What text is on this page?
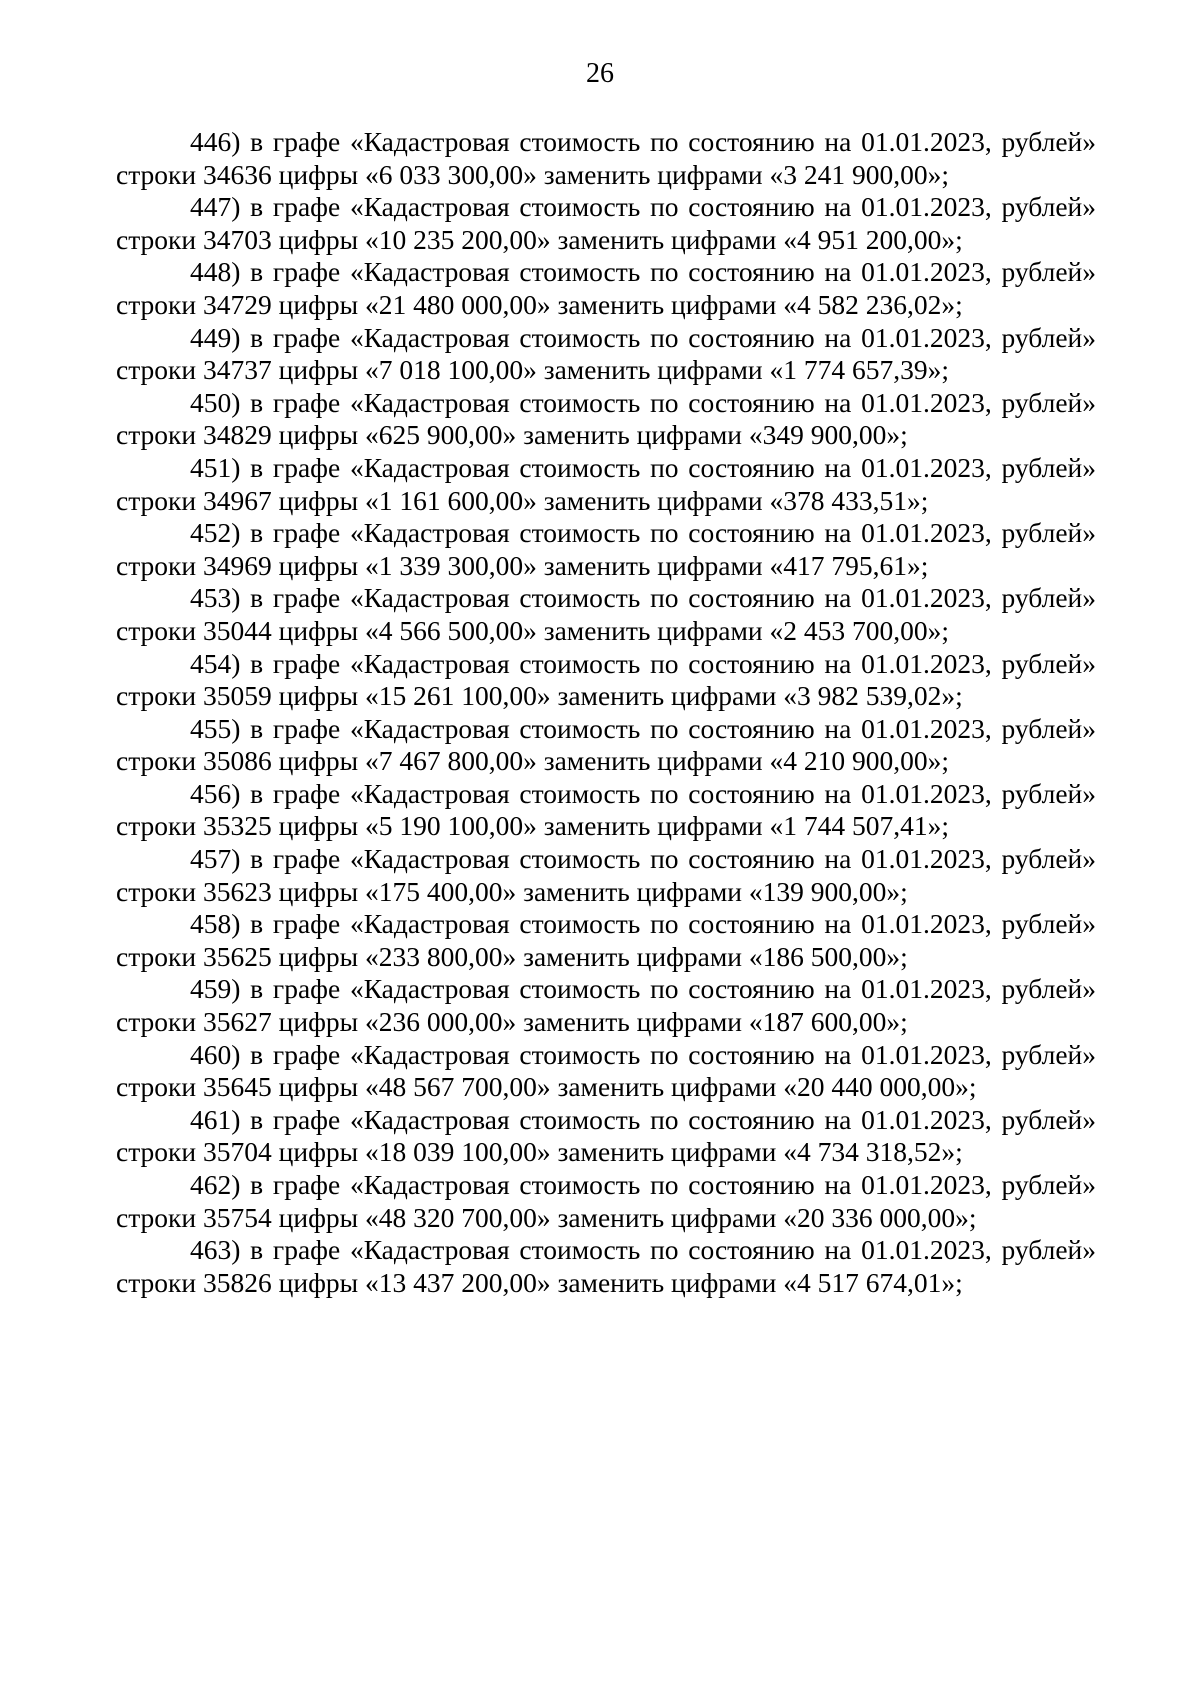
26

446) в графе «Кадастровая стоимость по состоянию на 01.01.2023, рублей» строки 34636 цифры «6 033 300,00» заменить цифрами «3 241 900,00»;

447) в графе «Кадастровая стоимость по состоянию на 01.01.2023, рублей» строки 34703 цифры «10 235 200,00» заменить цифрами «4 951 200,00»;

448) в графе «Кадастровая стоимость по состоянию на 01.01.2023, рублей» строки 34729 цифры «21 480 000,00» заменить цифрами «4 582 236,02»;

449) в графе «Кадастровая стоимость по состоянию на 01.01.2023, рублей» строки 34737 цифры «7 018 100,00» заменить цифрами «1 774 657,39»;

450) в графе «Кадастровая стоимость по состоянию на 01.01.2023, рублей» строки 34829 цифры «625 900,00» заменить цифрами «349 900,00»;

451) в графе «Кадастровая стоимость по состоянию на 01.01.2023, рублей» строки 34967 цифры «1 161 600,00» заменить цифрами «378 433,51»;

452) в графе «Кадастровая стоимость по состоянию на 01.01.2023, рублей» строки 34969 цифры «1 339 300,00» заменить цифрами «417 795,61»;

453) в графе «Кадастровая стоимость по состоянию на 01.01.2023, рублей» строки 35044 цифры «4 566 500,00» заменить цифрами «2 453 700,00»;

454) в графе «Кадастровая стоимость по состоянию на 01.01.2023, рублей» строки 35059 цифры «15 261 100,00» заменить цифрами «3 982 539,02»;

455) в графе «Кадастровая стоимость по состоянию на 01.01.2023, рублей» строки 35086 цифры «7 467 800,00» заменить цифрами «4 210 900,00»;

456) в графе «Кадастровая стоимость по состоянию на 01.01.2023, рублей» строки 35325 цифры «5 190 100,00» заменить цифрами «1 744 507,41»;

457) в графе «Кадастровая стоимость по состоянию на 01.01.2023, рублей» строки 35623 цифры «175 400,00» заменить цифрами «139 900,00»;

458) в графе «Кадастровая стоимость по состоянию на 01.01.2023, рублей» строки 35625 цифры «233 800,00» заменить цифрами «186 500,00»;

459) в графе «Кадастровая стоимость по состоянию на 01.01.2023, рублей» строки 35627 цифры «236 000,00» заменить цифрами «187 600,00»;

460) в графе «Кадастровая стоимость по состоянию на 01.01.2023, рублей» строки 35645 цифры «48 567 700,00» заменить цифрами «20 440 000,00»;

461) в графе «Кадастровая стоимость по состоянию на 01.01.2023, рублей» строки 35704 цифры «18 039 100,00» заменить цифрами «4 734 318,52»;

462) в графе «Кадастровая стоимость по состоянию на 01.01.2023, рублей» строки 35754 цифры «48 320 700,00» заменить цифрами «20 336 000,00»;

463) в графе «Кадастровая стоимость по состоянию на 01.01.2023, рублей» строки 35826 цифры «13 437 200,00» заменить цифрами «4 517 674,01»;
